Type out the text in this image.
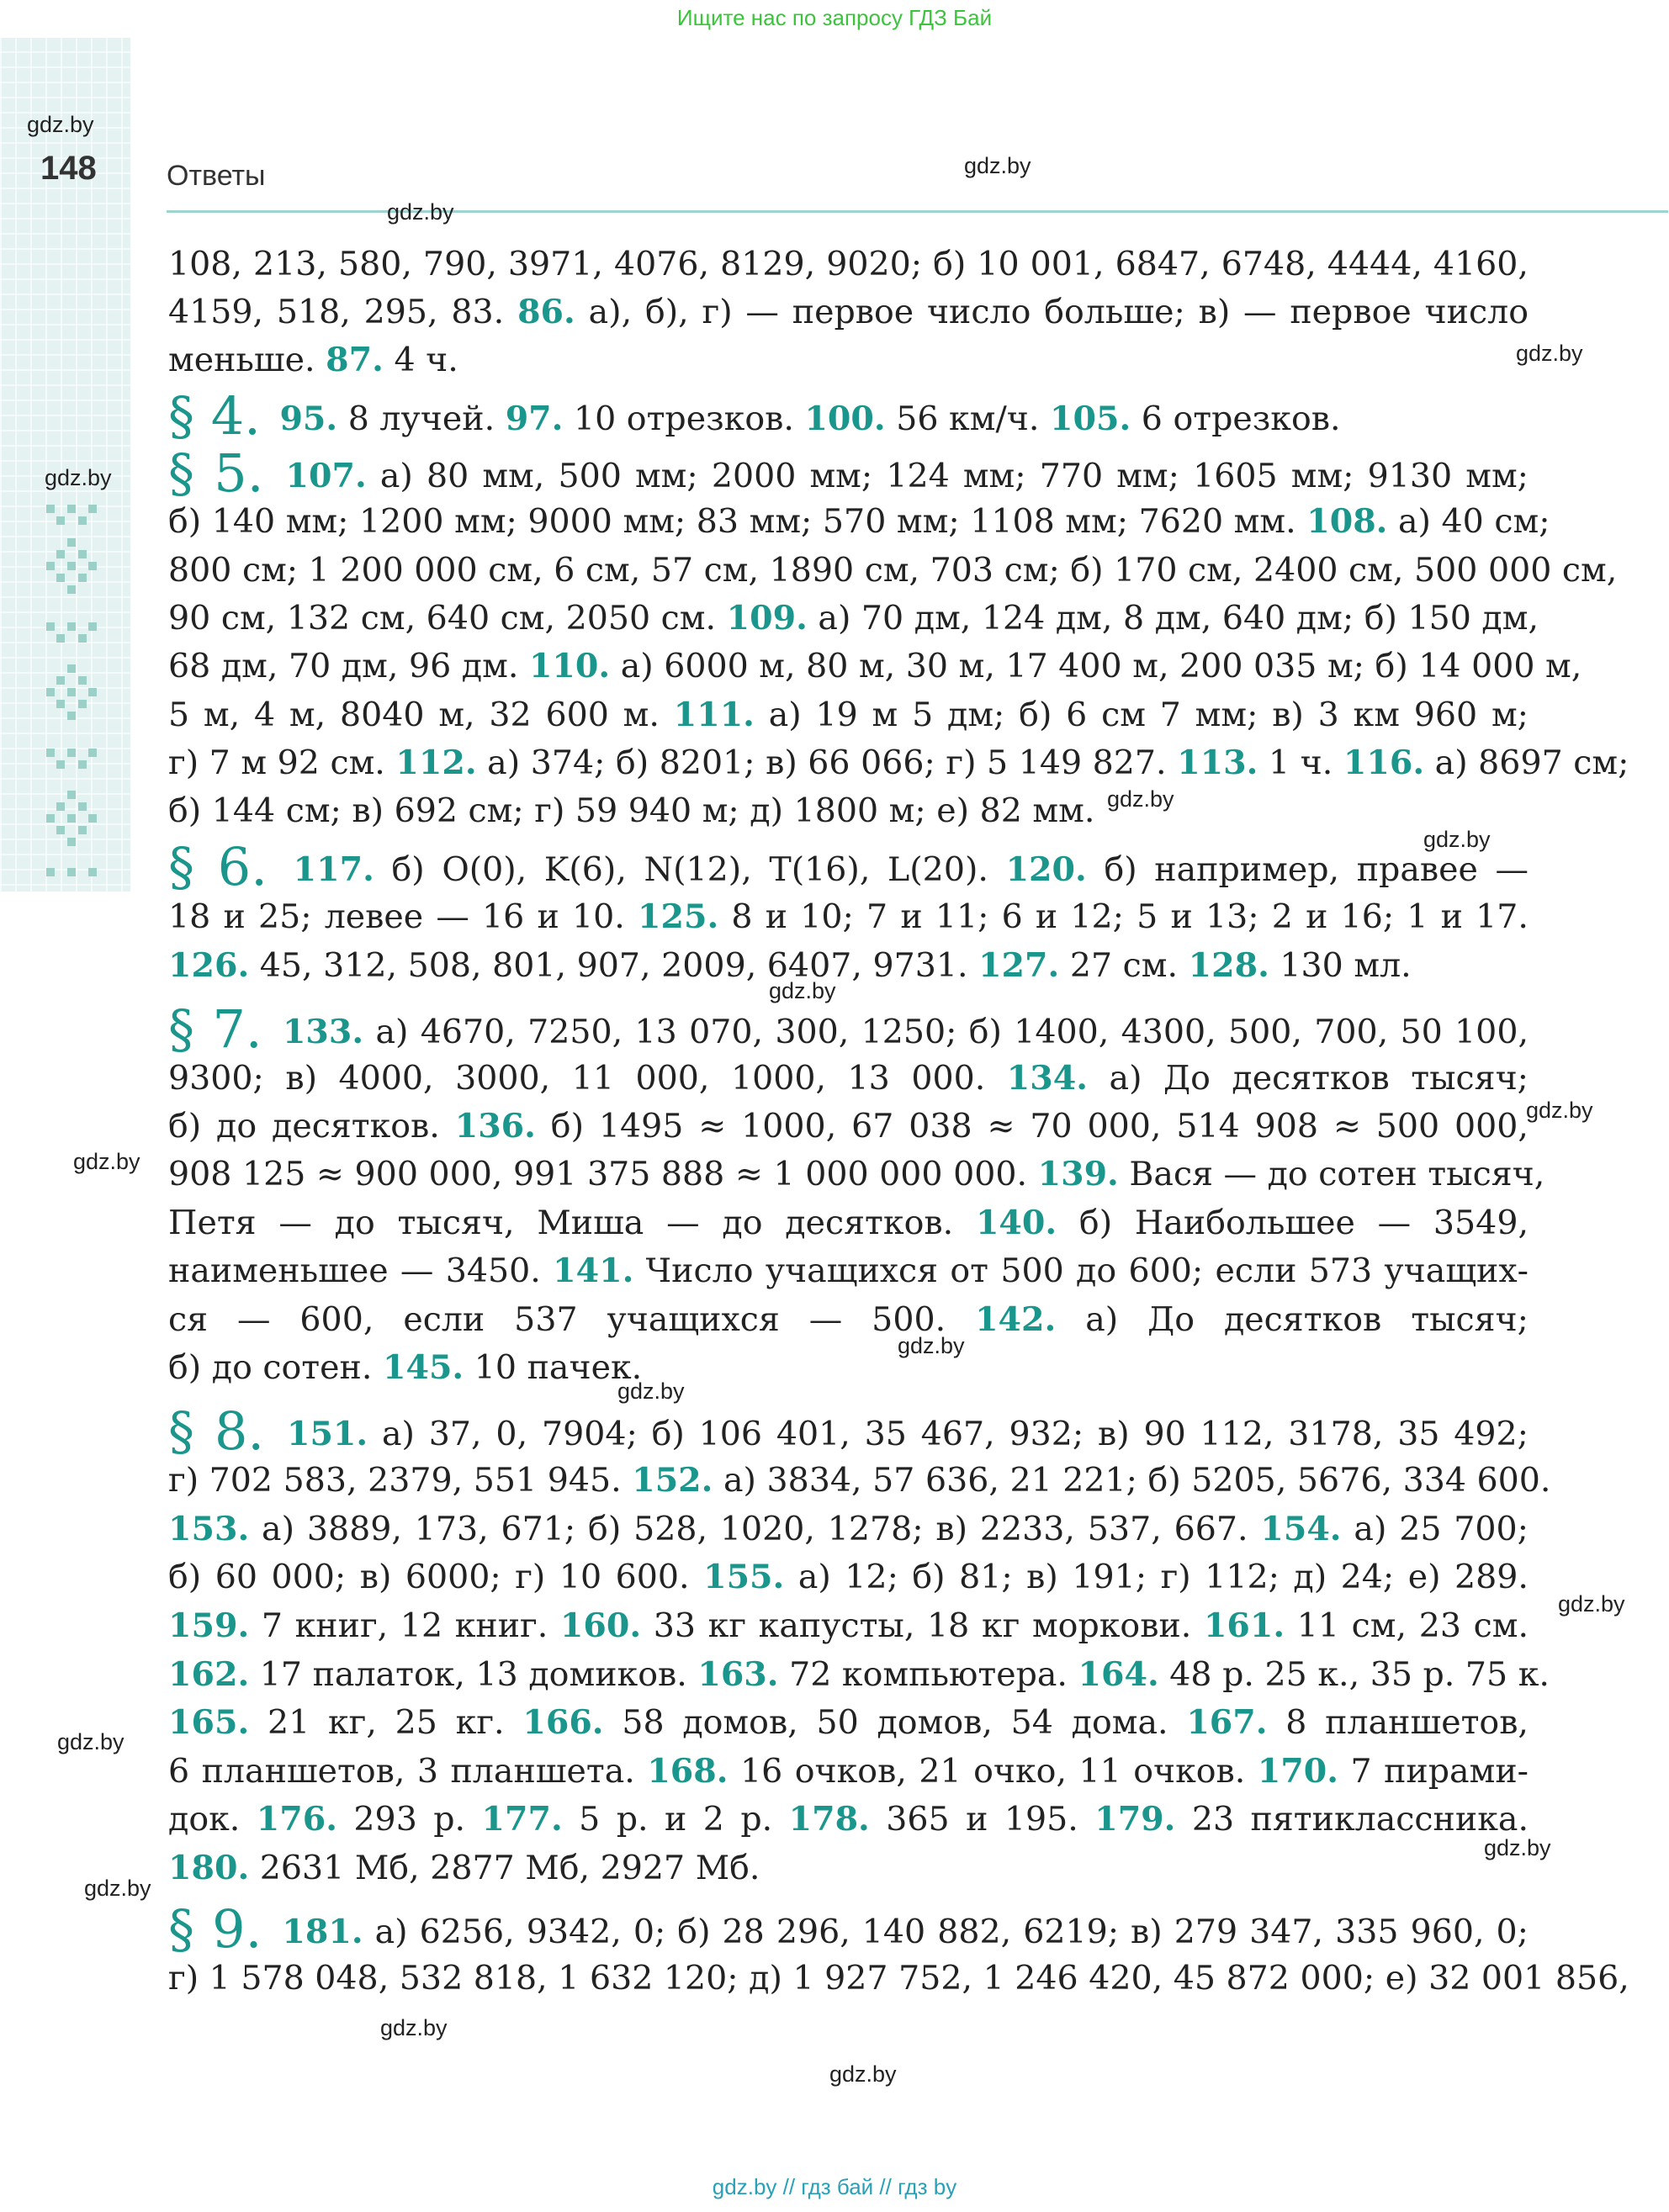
Ищите нас по запросу ГДЗ Бай
148 Ответы
gdz.by
gdz.by
gdz.by
gdz.by
gdz.by
gdz.by
gdz.by
gdz.by
gdz.by
gdz.by
gdz.by
gdz.by
gdz.by
gdz.by
gdz.by
gdz.by
gdz.by
gdz.by
108, 213, 580, 790, 3971, 4076, 8129, 9020; б) 10 001, 6847, 6748, 4444, 4160,
4159, 518, 295, 83. 86. а), б), г) — первое число больше; в) — первое число
меньше. 87. 4 ч.
§ 4. 95. 8 лучей. 97. 10 отрезков. 100. 56 км/ч. 105. 6 отрезков.
§ 5. 107. а) 80 мм, 500 мм; 2000 мм; 124 мм; 770 мм; 1605 мм; 9130 мм;
б) 140 мм; 1200 мм; 9000 мм; 83 мм; 570 мм; 1108 мм; 7620 мм. 108. а) 40 см;
800 см; 1 200 000 см, 6 см, 57 см, 1890 см, 703 см; б) 170 см, 2400 см, 500 000 см,
90 см, 132 см, 640 см, 2050 см. 109. а) 70 дм, 124 дм, 8 дм, 640 дм; б) 150 дм,
68 дм, 70 дм, 96 дм. 110. а) 6000 м, 80 м, 30 м, 17 400 м, 200 035 м; б) 14 000 м,
5 м, 4 м, 8040 м, 32 600 м. 111. а) 19 м 5 дм; б) 6 см 7 мм; в) 3 км 960 м;
г) 7 м 92 см. 112. а) 374; б) 8201; в) 66 066; г) 5 149 827. 113. 1 ч. 116. а) 8697 см;
б) 144 см; в) 692 см; г) 59 940 м; д) 1800 м; е) 82 мм.
§ 6. 117. б) O(0), K(6), N(12), T(16), L(20). 120. б) например, правее —
18 и 25; левее — 16 и 10. 125. 8 и 10; 7 и 11; 6 и 12; 5 и 13; 2 и 16; 1 и 17.
126. 45, 312, 508, 801, 907, 2009, 6407, 9731. 127. 27 см. 128. 130 мл.
§ 7. 133. а) 4670, 7250, 13 070, 300, 1250; б) 1400, 4300, 500, 700, 50 100,
9300; в) 4000, 3000, 11 000, 1000, 13 000. 134. а) До десятков тысяч;
б) до десятков. 136. б) 1495 ≈ 1000, 67 038 ≈ 70 000, 514 908 ≈ 500 000,
908 125 ≈ 900 000, 991 375 888 ≈ 1 000 000 000. 139. Вася — до сотен тысяч,
Петя — до тысяч, Миша — до десятков. 140. б) Наибольшее — 3549,
наименьшее — 3450. 141. Число учащихся от 500 до 600; если 573 учащих-
ся — 600, если 537 учащихся — 500. 142. а) До десятков тысяч;
б) до сотен. 145. 10 пачек.
§ 8. 151. а) 37, 0, 7904; б) 106 401, 35 467, 932; в) 90 112, 3178, 35 492;
г) 702 583, 2379, 551 945. 152. а) 3834, 57 636, 21 221; б) 5205, 5676, 334 600.
153. а) 3889, 173, 671; б) 528, 1020, 1278; в) 2233, 537, 667. 154. а) 25 700;
б) 60 000; в) 6000; г) 10 600. 155. а) 12; б) 81; в) 191; г) 112; д) 24; е) 289.
159. 7 книг, 12 книг. 160. 33 кг капусты, 18 кг моркови. 161. 11 см, 23 см.
162. 17 палаток, 13 домиков. 163. 72 компьютера. 164. 48 р. 25 к., 35 р. 75 к.
165. 21 кг, 25 кг. 166. 58 домов, 50 домов, 54 дома. 167. 8 планшетов,
6 планшетов, 3 планшета. 168. 16 очков, 21 очко, 11 очков. 170. 7 пирами-
док. 176. 293 р. 177. 5 р. и 2 р. 178. 365 и 195. 179. 23 пятиклассника.
180. 2631 Мб, 2877 Мб, 2927 Мб.
§ 9. 181. а) 6256, 9342, 0; б) 28 296, 140 882, 6219; в) 279 347, 335 960, 0;
г) 1 578 048, 532 818, 1 632 120; д) 1 927 752, 1 246 420, 45 872 000; е) 32 001 856,
gdz.by // гдз бай // гдз by
